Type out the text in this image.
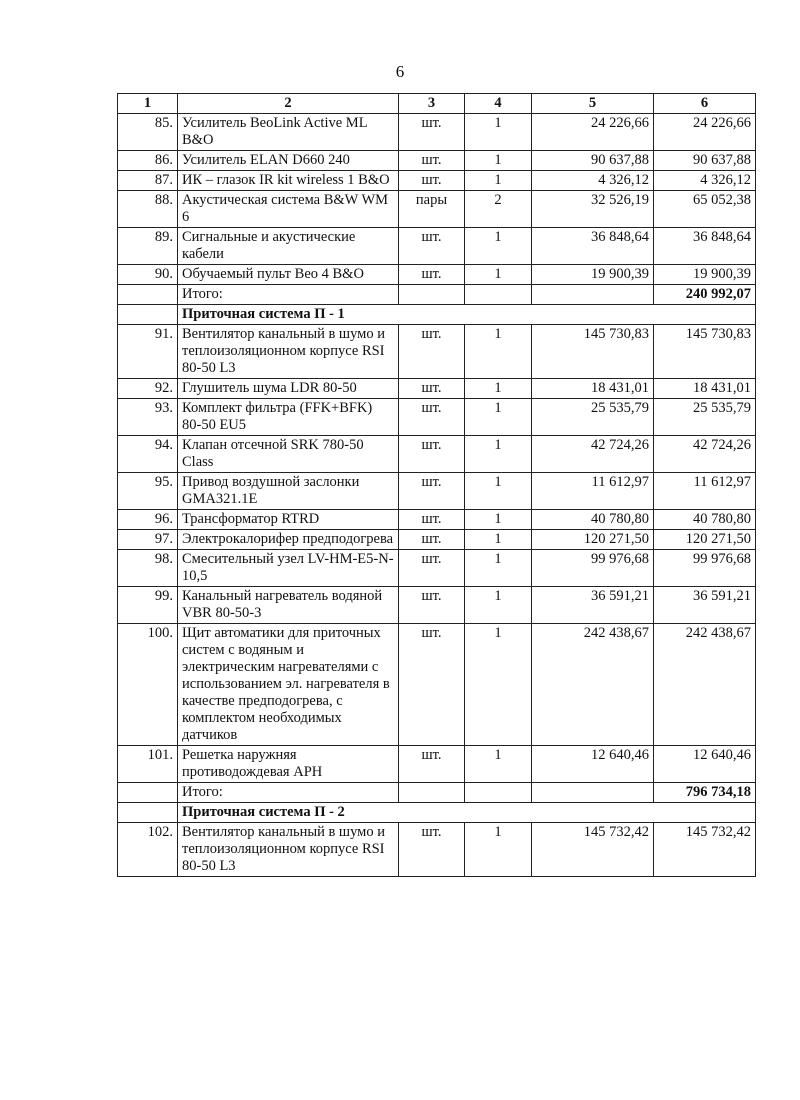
6
1	2	3	4	5	6
85.	Усилитель BeoLink Active ML B&O	шт.	1	24 226,66	24 226,66
86.	Усилитель ELAN D660 240	шт.	1	90 637,88	90 637,88
87.	ИК – глазок IR kit wireless 1 B&O	шт.	1	4 326,12	4 326,12
88.	Акустическая система B&W WM 6	пары	2	32 526,19	65 052,38
89.	Сигнальные и акустические кабели	шт.	1	36 848,64	36 848,64
90.	Обучаемый пульт Beo 4 B&O	шт.	1	19 900,39	19 900,39
	Итого:				240 992,07
	Приточная система П - 1				
91.	Вентилятор канальный в шумо и теплоизоляционном корпусе RSI 80-50 L3	шт.	1	145 730,83	145 730,83
92.	Глушитель шума LDR 80-50	шт.	1	18 431,01	18 431,01
93.	Комплект фильтра (FFK+BFK) 80-50 EU5	шт.	1	25 535,79	25 535,79
94.	Клапан отсечной SRK 780-50 Class	шт.	1	42 724,26	42 724,26
95.	Привод воздушной заслонки GMA321.1E	шт.	1	11 612,97	11 612,97
96.	Трансформатор RTRD	шт.	1	40 780,80	40 780,80
97.	Электрокалорифер предподогрева	шт.	1	120 271,50	120 271,50
98.	Смесительный узел LV-HM-E5-N-10,5	шт.	1	99 976,68	99 976,68
99.	Канальный нагреватель водяной VBR 80-50-3	шт.	1	36 591,21	36 591,21
100.	Щит автоматики для приточных систем с водяным и электрическим нагревателями с использованием эл. нагревателя в качестве предподогрева, с комплектом необходимых датчиков	шт.	1	242 438,67	242 438,67
101.	Решетка наружняя противодождевая АРН	шт.	1	12 640,46	12 640,46
	Итого:				796 734,18
	Приточная система П - 2				
102.	Вентилятор канальный в шумо и теплоизоляционном корпусе RSI 80-50 L3	шт.	1	145 732,42	145 732,42
